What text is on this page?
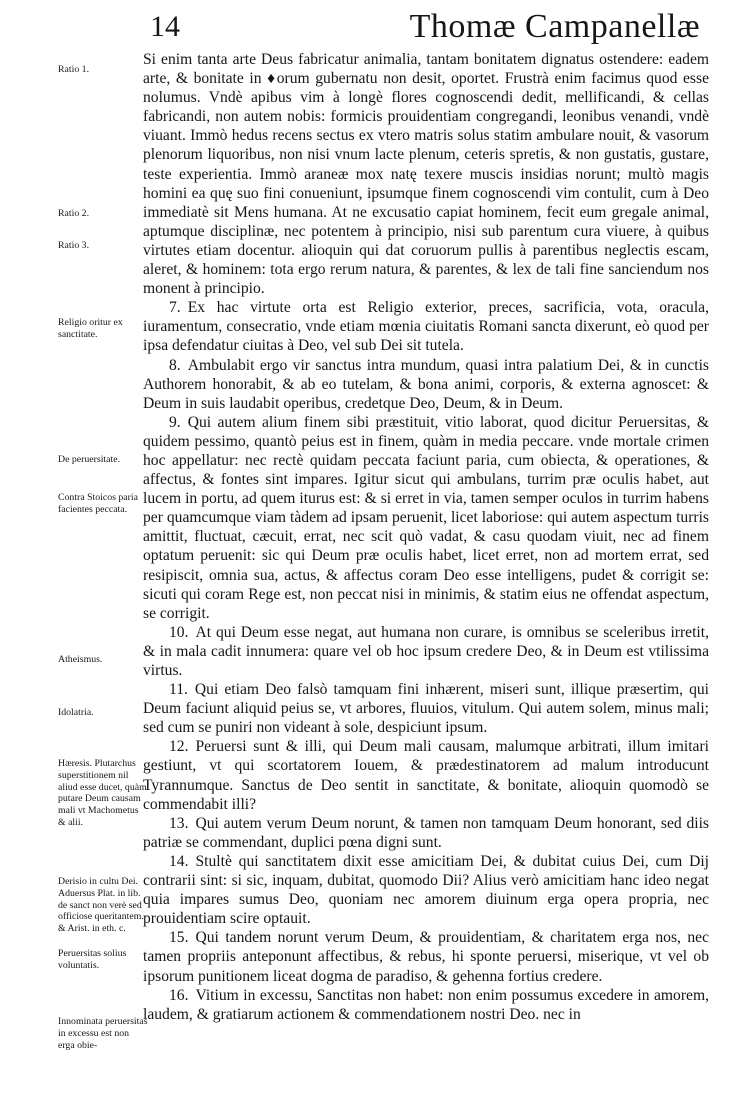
14	Thomæ Campanellæ

Si enim tanta arte Deus fabricatur animalia, tantam bonitatem dignatus ostendere: eadem arte, & bonitate in ♦orum gubernatu non desit, oportet. Frustrà enim facimus quod esse nolumus. Vndè apibus vim à longè flores cognoscendi dedit, mellificandi, & cellas fabricandi, non autem nobis: formicis prouidentiam congregandi, leonibus venandi, vndè viuant. Immò hedus recens sectus ex vtero matris solus statim ambulare nouit, & vasorum plenorum liquoribus, non nisi vnum lacte plenum, ceteris spretis, & non gustatis, gustare, teste experientia. Immò araneæ mox natę texere muscis insidias norunt; multò magis homini ea quę suo fini conueniunt, ipsumque finem cognoscendi vim contulit, cum à Deo immediatè sit Mens humana. At ne excusatio capiat hominem, fecit eum gregale animal, aptumque disciplinæ, nec potentem à principio, nisi sub parentum cura viuere, à quibus virtutes etiam docentur. alioquin qui dat coruorum pullis à parentibus neglectis escam, aleret, & hominem: tota ergo rerum natura, & parentes, & lex de tali fine sanciendum nos monent à principio.

7. Ex hac virtute orta est Religio exterior, preces, sacrificia, vota, oracula, iuramentum, consecratio, vnde etiam mœnia ciuitatis Romani sancta dixerunt, eò quod per ipsa defendatur ciuitas à Deo, vel sub Dei sit tutela.

8. Ambulabit ergo vir sanctus intra mundum, quasi intra palatium Dei, & in cunctis Authorem honorabit, & ab eo tutelam, & bona animi, corporis, & externa agnoscet: & Deum in suis laudabit operibus, credetque Deo, Deum, & in Deum.

9. Qui autem alium finem sibi præstituit, vitio laborat, quod dicitur Peruersitas, & quidem pessimo, quantò peius est in finem, quàm in media peccare. vnde mortale crimen hoc appellatur: nec rectè quidam peccata faciunt paria, cum obiecta, & operationes, & affectus, & fontes sint impares. Igitur sicut qui ambulans, turrim præ oculis habet, aut lucem in portu, ad quem iturus est: & si erret in via, tamen semper oculos in turrim habens per quamcumque viam tàdem ad ipsam peruenit, licet laboriose: qui autem aspectum turris amittit, fluctuat, cæcuit, errat, nec scit quò vadat, & casu quodam viuit, nec ad finem optatum peruenit: sic qui Deum præ oculis habet, licet erret, non ad mortem errat, sed resipiscit, omnia sua, actus, & affectus coram Deo esse intelligens, pudet & corrigit se: sicuti qui coram Rege est, non peccat nisi in minimis, & statim eius ne offendat aspectum, se corrigit.

10. At qui Deum esse negat, aut humana non curare, is omnibus se sceleribus irretit, & in mala cadit innumera: quare vel ob hoc ipsum credere Deo, & in Deum est vtilissima virtus.

11. Qui etiam Deo falsò tamquam fini inhærent, miseri sunt, illique præsertim, qui Deum faciunt aliquid peius se, vt arbores, fluuios, vitulum. Qui autem solem, minus mali; sed cum se puniri non videant à sole, despiciunt ipsum.

12. Peruersi sunt & illi, qui Deum mali causam, malumque arbitrati, illum imitari gestiunt, vt qui scortatorem Iouem, & prædestinatorem ad malum introducunt Tyrannumque. Sanctus de Deo sentit in sanctitate, & bonitate, alioquin quomodò se commendabit illi?

13. Qui autem verum Deum norunt, & tamen non tamquam Deum honorant, sed diis patriæ se commendant, duplici pœna digni sunt.

14. Stultè qui sanctitatem dixit esse amicitiam Dei, & dubitat cuius Dei, cum Dij contrarii sint: si sic, inquam, dubitat, quomodo Dii? Alius verò amicitiam hanc ideo negat quia impares sumus Deo, quoniam nec amorem diuinum erga opera propria, nec prouidentiam scire optauit.

15. Qui tandem norunt verum Deum, & prouidentiam, & charitatem erga nos, nec tamen propriis anteponunt affectibus, & rebus, hi sponte peruersi, miserique, vt vel ob ipsorum punitionem liceat dogma de paradiso, & gehenna fortius credere.

16. Vitium in excessu, Sanctitas non habet: non enim possumus excedere in amorem, laudem, & gratiarum actionem & commendationem nostri Deo. nec in

Ratio 1.
Ratio 2.
Ratio 3.
Religio oritur ex sanctitate.
De peruersitate.
Contra Stoicos paria facientes peccata.
Atheismus.
Idolatria.
Hæresis. Plutarchus superstitionem nil aliud esse ducet, quàm putare Deum causam mali vt Machometus & alii.
Derisio in cultu Dei. Aduersus Plat. in lib. de sanct non verè sed officiose queritantem. & Arist. in eth. c.
Peruersitas solius voluntatis.
Innominata peruersitas in excessu est non erga obie-
